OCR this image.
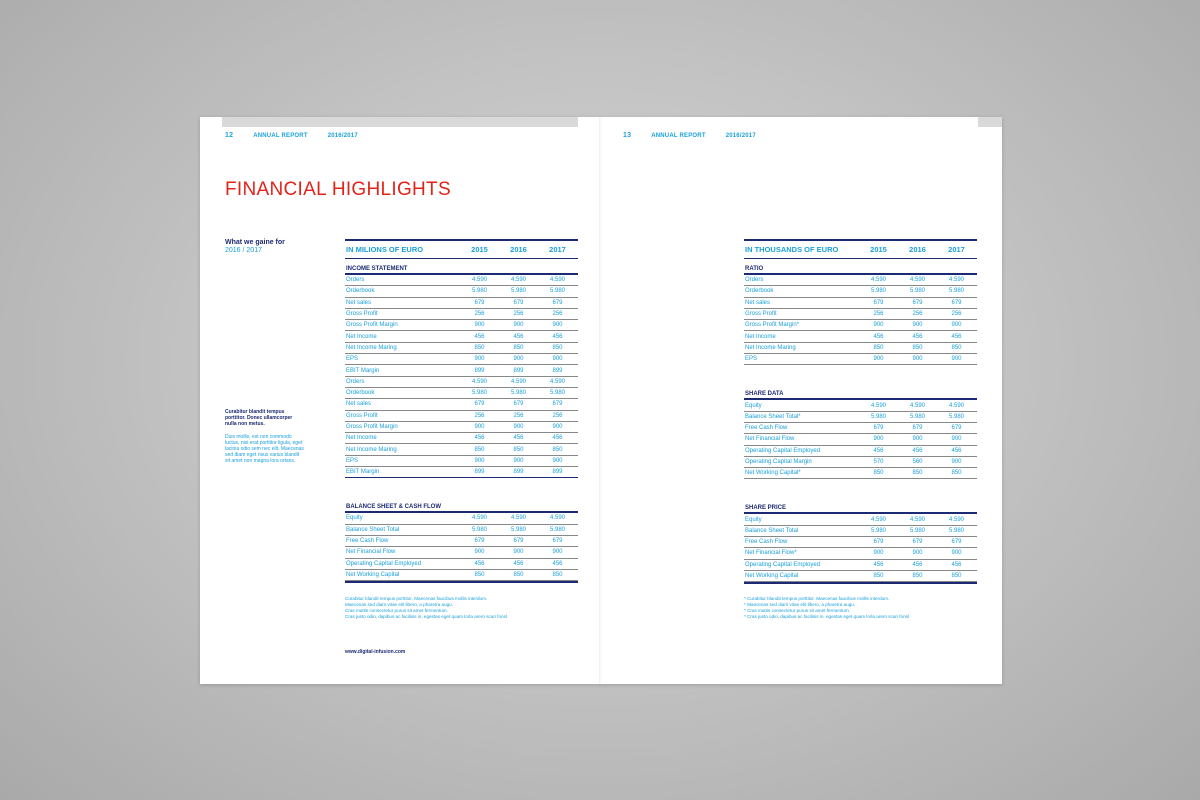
12	ANNUAL REPORT	2016/2017
FINANCIAL HIGHLIGHTS
What we gaine for
2016 / 2017
Curabitur blandit tempus porttitor. Donec ullamcorper nulla non metus.
Duis mollis, est non commodo luctus, nisi erat porttitor ligula, eget lacinia odio sem nec elit. Maecenas sed diam eget risus varius blandit sit amet non magna lora ortans.
IN MILIONS OF EURO	2015	2016	2017
INCOME STATEMENT
Orders	4.590	4.590	4.590
Orderbook	5.980	5.980	5.980
Net sales	679	679	679
Gross Profit	256	256	256
Gross Profit Margin	900	900	900
Net Income	456	456	456
Net Income Maring	850	850	850
EPS	900	900	900
EBIT Margin	899	899	899
Orders	4.590	4.590	4.590
Orderbook	5.980	5.980	5.980
Net sales	679	679	679
Gross Profit	256	256	256
Gross Profit Margin	900	900	900
Net Income	456	456	456
Net Income Maring	850	850	850
EPS	900	900	900
EBIT Margin	899	899	899
BALANCE SHEET & CASH FLOW
Equity	4.590	4.590	4.590
Balance Sheet Total	5.980	5.980	5.980
Free Cash Flow	679	679	679
Net Financial Flow	900	900	900
Operating Capital Employed	456	456	456
Net Working Capital	850	850	850
Curabitur blandit tempus porttitor. Maecenas faucibus mollis interdum.
Maecenas sed diam vitae elit libero, a pharetra augu.
Cras mattis consectetur purus sit amet fermentum.
Cras justo odio, dapibus ac facilisis in, egestas eget quam lorla arero scari fonsl
www.digital-infusion.com
13	ANNUAL REPORT	2016/2017
IN THOUSANDS OF EURO	2015	2016	2017
RATIO
Orders	4.590	4.590	4.590
Orderbook	5.980	5.980	5.980
Net sales	679	679	679
Gross Profit	256	256	256
Gross Profit Margin*	900	900	900
Net Income	456	456	456
Net Income Maring	850	850	850
EPS	900	900	900
SHARE DATA
Equity	4.590	4.590	4.590
Balance Sheet Total*	5.980	5.980	5.980
Free Cash Flow	679	679	679
Net Financial Flow	900	900	900
Operating Capital Employed	456	456	456
Operating Capital Margin	570	560	900
Net Working Capital*	850	850	850
SHARE PRICE
Equity	4.590	4.590	4.590
Balance Sheet Total	5.980	5.980	5.980
Free Cash Flow	679	679	679
Net Financial Flow*	900	900	900
Operating Capital Employed	456	456	456
Net Working Capital	850	850	850
* Curabitur blandit tempus porttitor. Maecenas faucibus mollis interdum.
* Maecenas sed diam vitae elit libero, a pharetra augu.
* Cras mattis consectetur purus sit amet fermentum.
* Cras justo odio, dapibus ac facilisis in, egestas eget quam lorla arero scari fonsl
